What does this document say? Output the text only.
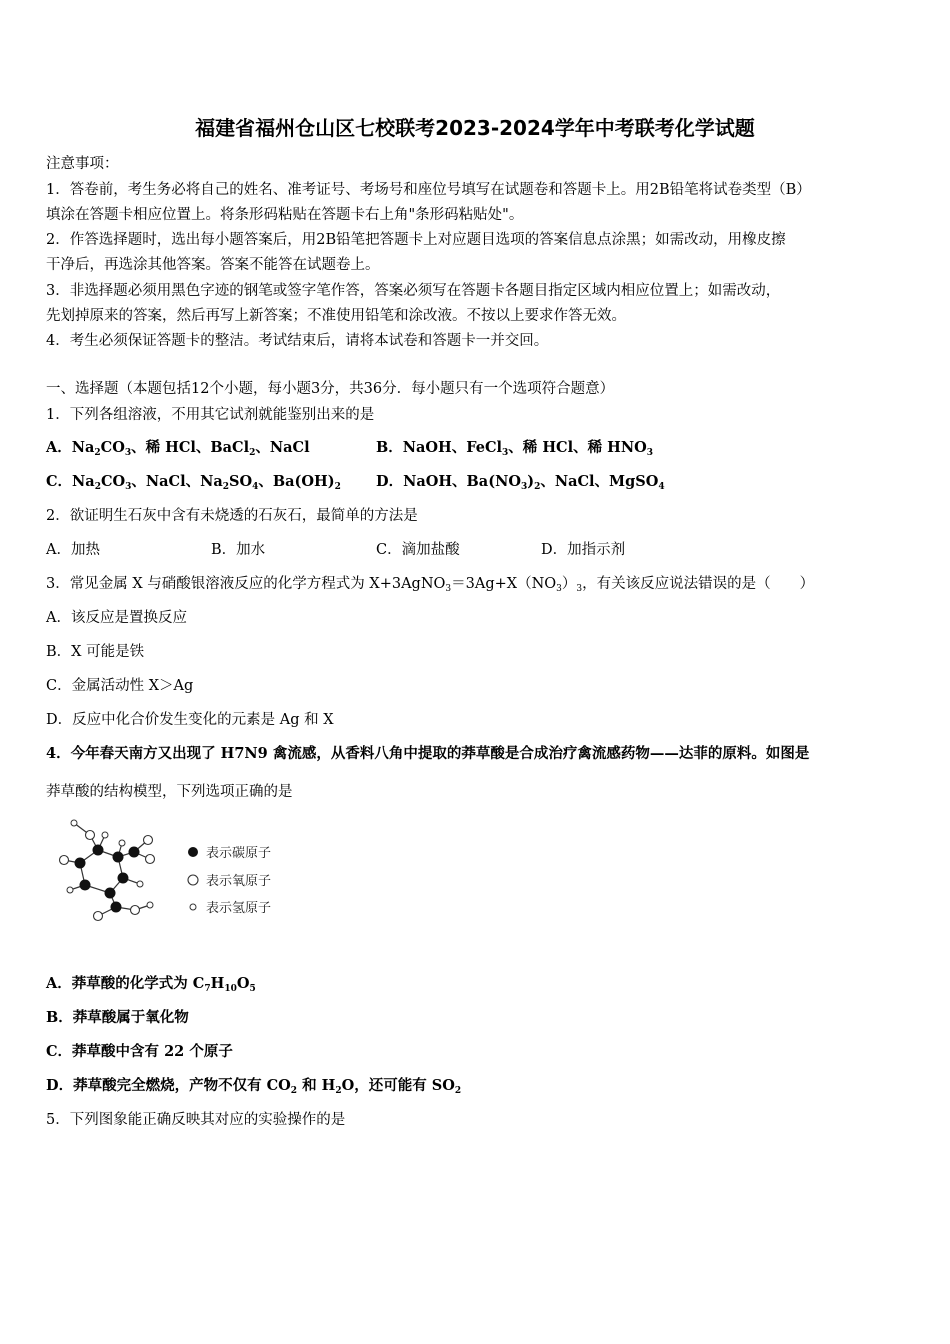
福建省福州仓山区七校联考2023-2024学年中考联考化学试题
注意事项：
1．答卷前，考生务必将自己的姓名、准考证号、考场号和座位号填写在试题卷和答题卡上。用2B铅笔将试卷类型（B）
填涂在答题卡相应位置上。将条形码粘贴在答题卡右上角"条形码粘贴处"。
2．作答选择题时，选出每小题答案后，用2B铅笔把答题卡上对应题目选项的答案信息点涂黑；如需改动，用橡皮擦
干净后，再选涂其他答案。答案不能答在试题卷上。
3．非选择题必须用黑色字迹的钢笔或签字笔作答，答案必须写在答题卡各题目指定区域内相应位置上；如需改动，
先划掉原来的答案，然后再写上新答案；不准使用铅笔和涂改液。不按以上要求作答无效。
4．考生必须保证答题卡的整洁。考试结束后，请将本试卷和答题卡一并交回。
一、选择题（本题包括12个小题，每小题3分，共36分．每小题只有一个选项符合题意）
1．下列各组溶液，不用其它试剂就能鉴别出来的是
A．$Na_2CO_3$、稀 HCl、BaCl$_2$、NaCl	B．NaOH、FeCl$_3$、稀 HCl、稀 $HNO_3$
C．$Na_2CO_3$、NaCl、$Na_2SO_4$、$Ba(OH)_2$ D．NaOH、$Ba(NO_3)_2$、NaCl、MgSO$_4$
2．欲证明生石灰中含有未烧透的石灰石，最简单的方法是
A．加热	B．加水	C．滴加盐酸	D．加指示剂
3．常见金属 X 与硝酸银溶液反应的化学方程式为 $X+3AgNO_3=3Ag+X(NO_3)_3$，有关该反应说法错误的是（　　）
A．该反应是置换反应
B．X 可能是铁
C．金属活动性 X＞Ag
D．反应中化合价发生变化的元素是 Ag 和 X
4．今年春天南方又出现了 H7N9 禽流感，从香料八角中提取的莽草酸是合成治疗禽流感药物——达菲的原料。如图是
莽草酸的结构模型，下列选项正确的是
表示碳原子
表示氧原子
表示氢原子
A．莽草酸的化学式为 $C_7H_{10}O_5$
B．莽草酸属于氧化物
C．莽草酸中含有 22 个原子
D．莽草酸完全燃烧，产物不仅有 $CO_2$ 和 $H_2O$，还可能有 $SO_2$
5．下列图象能正确反映其对应的实验操作的是
